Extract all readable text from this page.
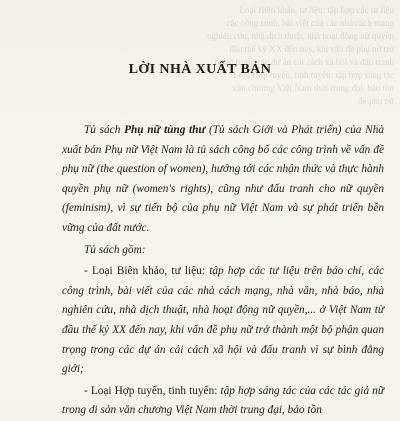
Loại Biên khảo, tư liệu: tập hợp các tư liệu
các công trình, bài viết của các nhà cách mạng
nghiên cứu, nhà dịch thuật, nhà hoạt động nữ quyền
đầu thế kỷ XX đến nay, khi vấn đề phụ nữ trở
trọng trong các dự án cải cách xã hội và đấu tranh
Loại Hợp tuyển, tinh tuyển: tập hợp sáng tác
văn chương Việt Nam thời trung đại, bảo tồn
đề phụ nữ
LỜI NHÀ XUẤT BẢN

Tủ sách Phụ nữ tùng thư (Tủ sách Giới và Phát triển) của Nhà xuất bản Phụ nữ Việt Nam là tủ sách công bố các công trình về vấn đề phụ nữ (the question of women), hướng tới các nhận thức và thực hành quyền phụ nữ (women's rights), cũng như đấu tranh cho nữ quyền (feminism), vì sự tiến bộ của phụ nữ Việt Nam và sự phát triển bền vững của đất nước.

Tủ sách gồm:

- Loại Biên khảo, tư liệu: tập hợp các tư liệu trên báo chí, các công trình, bài viết của các nhà cách mạng, nhà văn, nhà báo, nhà nghiên cứu, nhà dịch thuật, nhà hoạt động nữ quyền,... ở Việt Nam từ đầu thế kỷ XX đến nay, khi vấn đề phụ nữ trở thành một bộ phận quan trọng trong các dự án cải cách xã hội và đấu tranh vì sự bình đẳng giới;

- Loại Hợp tuyển, tinh tuyển: tập hợp sáng tác của các tác giả nữ trong di sản văn chương Việt Nam thời trung đại, bảo tồn
